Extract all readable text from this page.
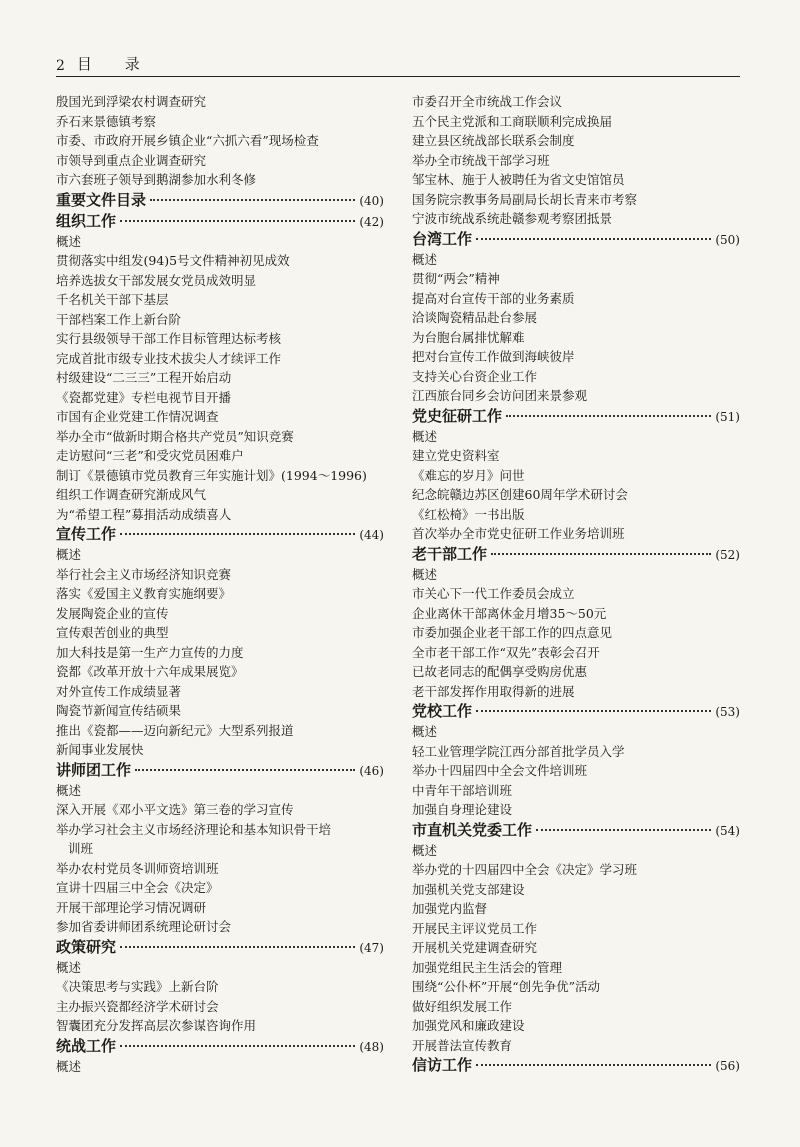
2 目 录
殷国光到浮梁农村调查研究
乔石来景德镇考察
市委、市政府开展乡镇企业“六抓六看”现场检查
市领导到重点企业调查研究
市六套班子领导到鹅湖参加水利冬修
重要文件目录	(40)
组织工作	(42)
概述
贯彻落实中组发(94)5号文件精神初见成效
培养选拔女干部发展女党员成效明显
千名机关干部下基层
干部档案工作上新台阶
实行县级领导干部工作目标管理达标考核
完成首批市级专业技术拔尖人才续评工作
村级建设“二三三”工程开始启动
《瓷都党建》专栏电视节目开播
市国有企业党建工作情况调查
举办全市“做新时期合格共产党员”知识竞赛
走访慰问“三老”和受灾党员困难户
制订《景德镇市党员教育三年实施计划》(1994～1996)
组织工作调查研究渐成风气
为“希望工程”募捐活动成绩喜人
宣传工作	(44)
概述
举行社会主义市场经济知识竞赛
落实《爱国主义教育实施纲要》
发展陶瓷企业的宣传
宣传艰苦创业的典型
加大科技是第一生产力宣传的力度
瓷都《改革开放十六年成果展览》
对外宣传工作成绩显著
陶瓷节新闻宣传结硕果
推出《瓷都——迈向新纪元》大型系列报道
新闻事业发展快
讲师团工作	(46)
概述
深入开展《邓小平文选》第三卷的学习宣传
举办学习社会主义市场经济理论和基本知识骨干培
训班
举办农村党员冬训师资培训班
宣讲十四届三中全会《决定》
开展干部理论学习情况调研
参加省委讲师团系统理论研讨会
政策研究	(47)
概述
《决策思考与实践》上新台阶
主办振兴瓷都经济学术研讨会
智囊团充分发挥高层次参谋咨询作用
统战工作	(48)
概述
市委召开全市统战工作会议
五个民主党派和工商联顺利完成换届
建立县区统战部长联系会制度
举办全市统战干部学习班
邹宝林、施于人被聘任为省文史馆馆员
国务院宗教事务局副局长胡长青来市考察
宁波市统战系统赴赣参观考察团抵景
台湾工作	(50)
概述
贯彻“两会”精神
提高对台宣传干部的业务素质
洽谈陶瓷精品赴台参展
为台胞台属排忧解难
把对台宣传工作做到海峡彼岸
支持关心台资企业工作
江西旅台同乡会访问团来景参观
党史征研工作	(51)
概述
建立党史资料室
《难忘的岁月》问世
纪念皖赣边苏区创建60周年学术研讨会
《红松椅》一书出版
首次举办全市党史征研工作业务培训班
老干部工作	(52)
概述
市关心下一代工作委员会成立
企业离休干部离休金月增35～50元
市委加强企业老干部工作的四点意见
全市老干部工作“双先”表彰会召开
已故老同志的配偶享受购房优惠
老干部发挥作用取得新的进展
党校工作	(53)
概述
轻工业管理学院江西分部首批学员入学
举办十四届四中全会文件培训班
中青年干部培训班
加强自身理论建设
市直机关党委工作	(54)
概述
举办党的十四届四中全会《决定》学习班
加强机关党支部建设
加强党内监督
开展民主评议党员工作
开展机关党建调查研究
加强党组民主生活会的管理
围绕“公仆杯”开展“创先争优”活动
做好组织发展工作
加强党风和廉政建设
开展普法宣传教育
信访工作	(56)
